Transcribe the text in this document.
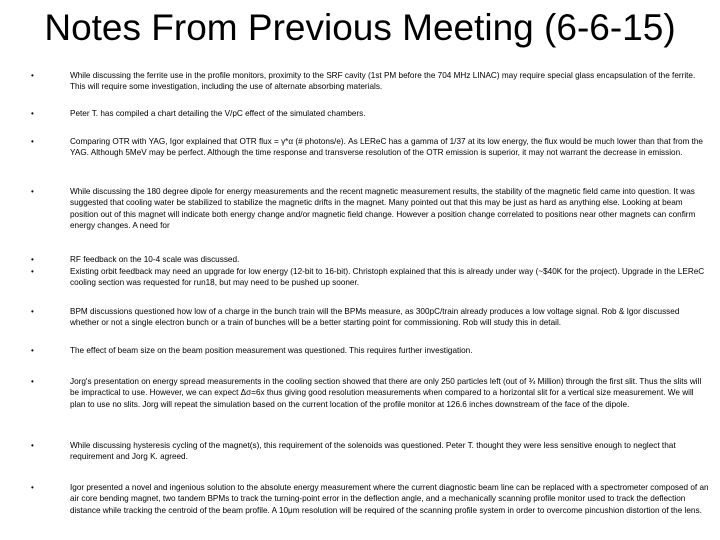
Notes From Previous Meeting (6-6-15)
•	While discussing the ferrite use in the profile monitors, proximity to the SRF cavity (1st PM before the 704 MHz LINAC) may require special glass encapsulation of the ferrite. This will require some investigation, including the use of alternate absorbing materials.
•	Peter T. has compiled a chart detailing the V/pC effect of the simulated chambers.
•	Comparing OTR with YAG, Igor explained that OTR flux = γ*α (# photons/e). As LEReC has a gamma of 1/37 at its low energy, the flux would be much lower than that from the YAG. Although 5MeV may be perfect. Although the time response and transverse resolution of the OTR emission is superior, it may not warrant the decrease in emission.
•	While discussing the 180 degree dipole for energy measurements and the recent magnetic measurement results, the stability of the magnetic field came into question. It was suggested that cooling water be stabilized to stabilize the magnetic drifts in the magnet. Many pointed out that this may be just as hard as anything else. Looking at beam position out of this magnet will indicate both energy change and/or magnetic field change. However a position change correlated to positions near other magnets can confirm energy changes. A need for
•	RF feedback on the 10-4 scale was discussed.
•	Existing orbit feedback may need an upgrade for low energy (12-bit to 16-bit). Christoph explained that this is already under way (~$40K for the project). Upgrade in the LEReC cooling section was requested for run18, but may need to be pushed up sooner.
•	BPM discussions questioned how low of a charge in the bunch train will the BPMs measure, as 300pC/train already produces a low voltage signal. Rob & Igor discussed whether or not a single electron bunch or a train of bunches will be a better starting point for commissioning. Rob will study this in detail.
•	The effect of beam size on the beam position measurement was questioned. This requires further investigation.
•	Jorg's presentation on energy spread measurements in the cooling section showed that there are only 250 particles left (out of ¾ Million) through the first slit. Thus the slits will be impractical to use. However, we can expect Δσ=6x thus giving good resolution measurements when compared to a horizontal slit for a vertical size measurement. We will plan to use no slits. Jorg will repeat the simulation based on the current location of the profile monitor at 126.6 inches downstream of the face of the dipole.
•	While discussing hysteresis cycling of the magnet(s), this requirement of the solenoids was questioned. Peter T. thought they were less sensitive enough to neglect that requirement and Jorg K. agreed.
•	Igor presented a novel and ingenious solution to the absolute energy measurement where the current diagnostic beam line can be replaced with a spectrometer composed of an air core bending magnet, two tandem BPMs to track the turning-point error in the deflection angle, and a mechanically scanning profile monitor used to track the deflection distance while tracking the centroid of the beam profile. A 10μm resolution will be required of the scanning profile system in order to overcome pincushion distortion of the lens.
